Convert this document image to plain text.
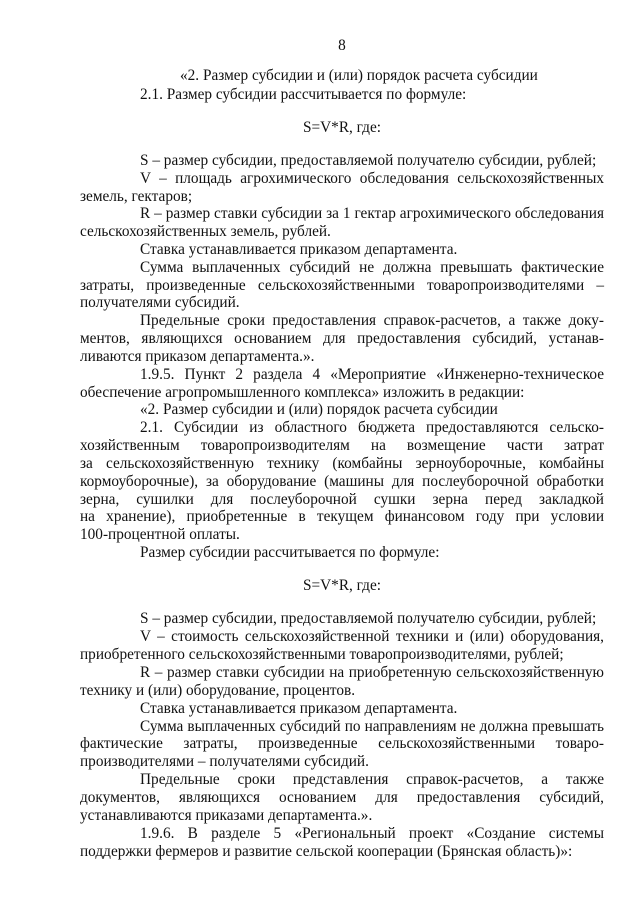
8
«2. Размер субсидии и (или) порядок расчета субсидии
2.1. Размер субсидии рассчитывается по формуле:
S=V*R, где:
S – размер субсидии, предоставляемой получателю субсидии, рублей;
V – площадь агрохимического обследования сельскохозяйственных
земель, гектаров;
R – размер ставки субсидии за 1 гектар агрохимического обследования
сельскохозяйственных земель, рублей.
Ставка устанавливается приказом департамента.
Сумма выплаченных субсидий не должна превышать фактические
затраты, произведенные сельскохозяйственными товаропроизводителями –
получателями субсидий.
Предельные сроки предоставления справок-расчетов, а также доку-
ментов, являющихся основанием для предоставления субсидий, устанав-
ливаются приказом департамента.».
1.9.5. Пункт 2 раздела 4 «Мероприятие «Инженерно-техническое
обеспечение агропромышленного комплекса» изложить в редакции:
«2. Размер субсидии и (или) порядок расчета субсидии
2.1. Субсидии из областного бюджета предоставляются сельско-
хозяйственным товаропроизводителям на возмещение части затрат
за сельскохозяйственную технику (комбайны зерноуборочные, комбайны
кормоуборочные), за оборудование (машины для послеуборочной обработки
зерна, сушилки для послеуборочной сушки зерна перед закладкой
на хранение), приобретенные в текущем финансовом году при условии
100-процентной оплаты.
Размер субсидии рассчитывается по формуле:
S=V*R, где:
S – размер субсидии, предоставляемой получателю субсидии, рублей;
V – стоимость сельскохозяйственной техники и (или) оборудования,
приобретенного сельскохозяйственными товаропроизводителями, рублей;
R – размер ставки субсидии на приобретенную сельскохозяйственную
технику и (или) оборудование, процентов.
Ставка устанавливается приказом департамента.
Сумма выплаченных субсидий по направлениям не должна превышать
фактические затраты, произведенные сельскохозяйственными товаро-
производителями – получателями субсидий.
Предельные сроки представления справок-расчетов, а также
документов, являющихся основанием для предоставления субсидий,
устанавливаются приказами департамента.».
1.9.6. В разделе 5 «Региональный проект «Создание системы
поддержки фермеров и развитие сельской кооперации (Брянская область)»:
